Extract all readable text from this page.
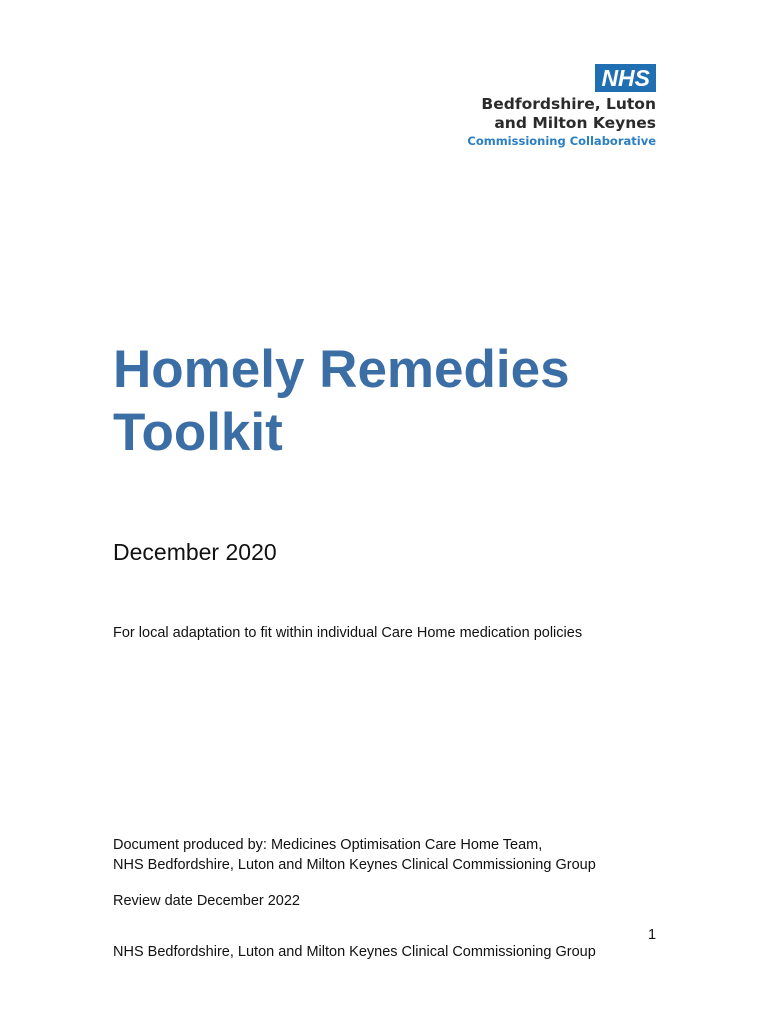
NHS
Bedfordshire, Luton
and Milton Keynes
Commissioning Collaborative
Homely Remedies
Toolkit
December 2020
For local adaptation to fit within individual Care Home medication policies
Document produced by: Medicines Optimisation Care Home Team,
NHS Bedfordshire, Luton and Milton Keynes Clinical Commissioning Group
Review date December 2022
1
NHS Bedfordshire, Luton and Milton Keynes Clinical Commissioning Group
